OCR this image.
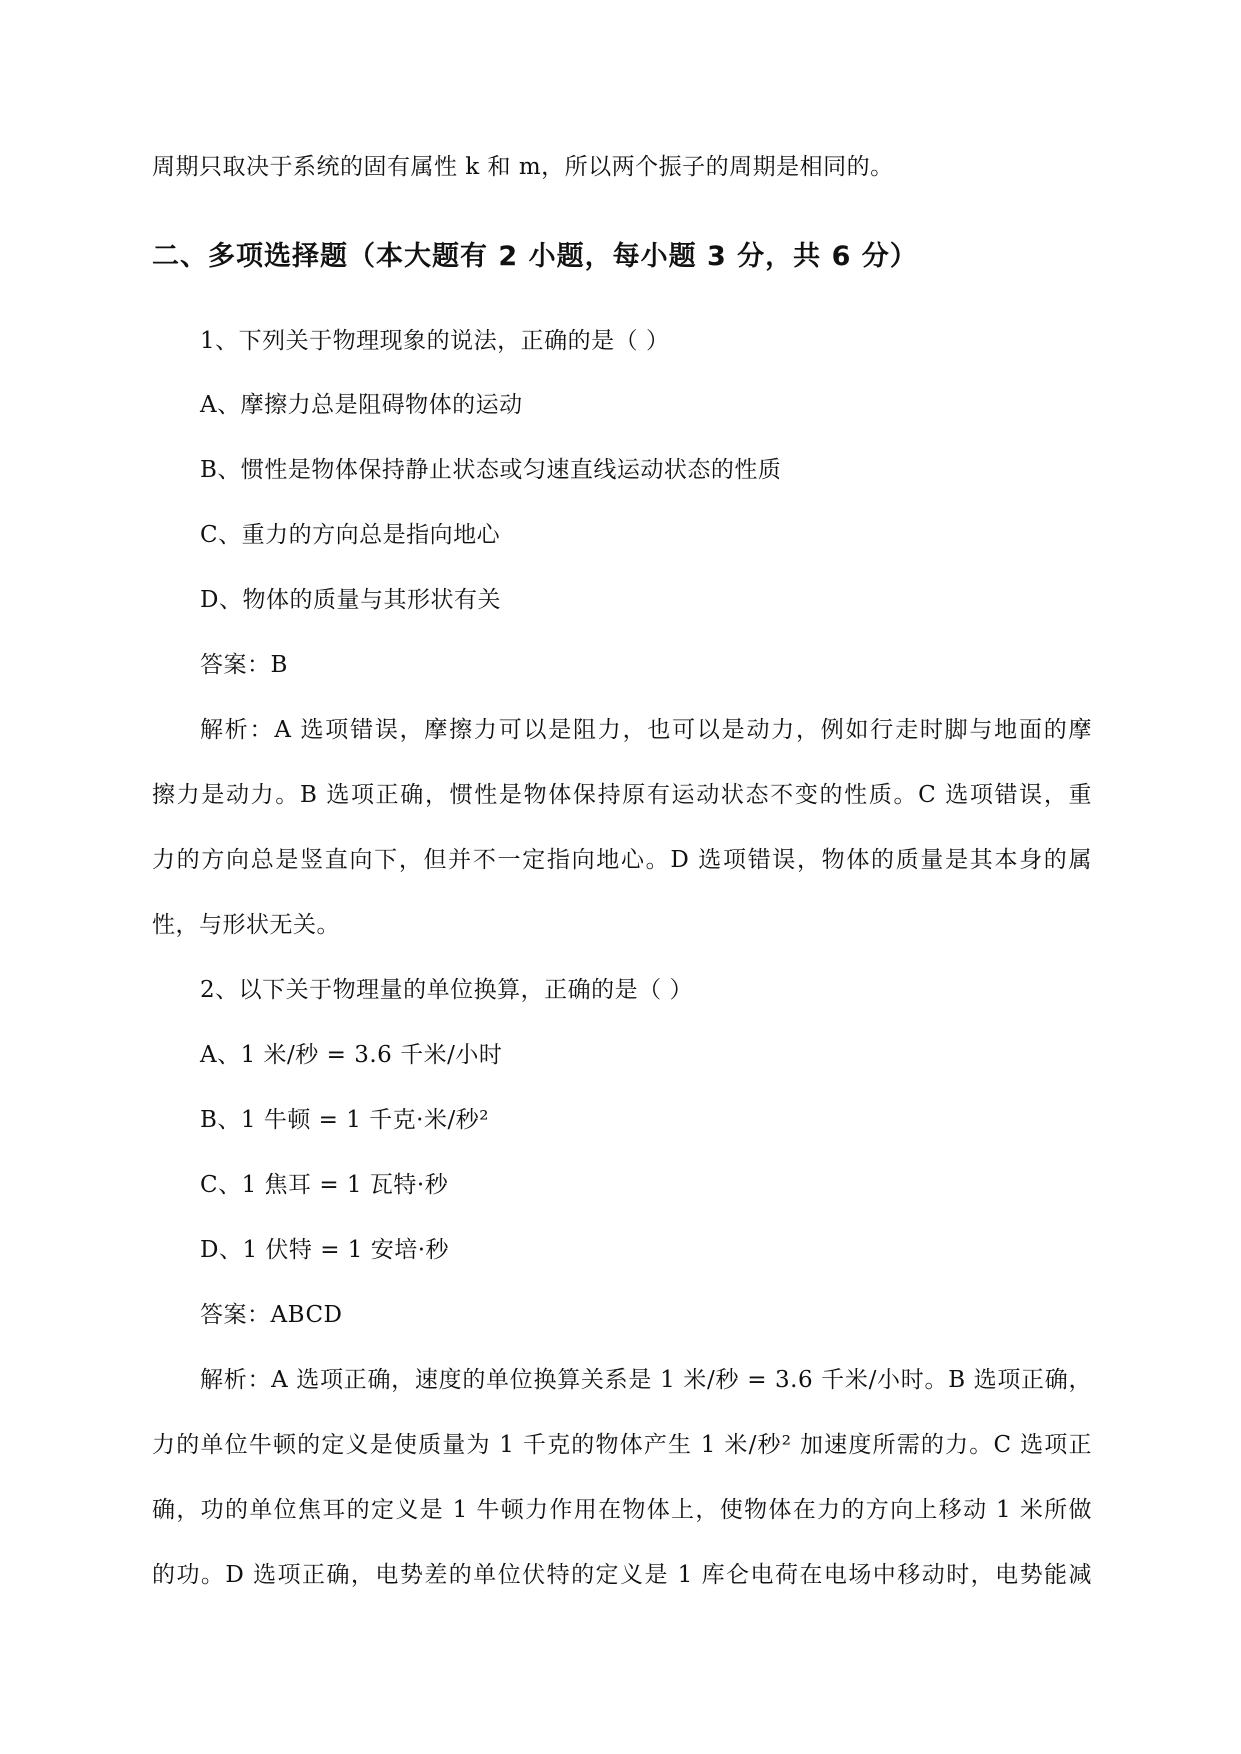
周期只取决于系统的固有属性 k 和 m，所以两个振子的周期是相同的。
二、多项选择题（本大题有 2 小题，每小题 3 分，共 6 分）
1、下列关于物理现象的说法，正确的是（ ）
A、摩擦力总是阻碍物体的运动
B、惯性是物体保持静止状态或匀速直线运动状态的性质
C、重力的方向总是指向地心
D、物体的质量与其形状有关
答案：B
解析：A 选项错误，摩擦力可以是阻力，也可以是动力，例如行走时脚与地面的摩
擦力是动力。B 选项正确，惯性是物体保持原有运动状态不变的性质。C 选项错误，重
力的方向总是竖直向下，但并不一定指向地心。D 选项错误，物体的质量是其本身的属
性，与形状无关。
2、以下关于物理量的单位换算，正确的是（ ）
A、1 米/秒 = 3.6 千米/小时
B、1 牛顿 = 1 千克·米/秒²
C、1 焦耳 = 1 瓦特·秒
D、1 伏特 = 1 安培·秒
答案：ABCD
解析：A 选项正确，速度的单位换算关系是 1 米/秒 = 3.6 千米/小时。B 选项正确，
力的单位牛顿的定义是使质量为 1 千克的物体产生 1 米/秒² 加速度所需的力。C 选项正
确，功的单位焦耳的定义是 1 牛顿力作用在物体上，使物体在力的方向上移动 1 米所做
的功。D 选项正确，电势差的单位伏特的定义是 1 库仑电荷在电场中移动时，电势能减
